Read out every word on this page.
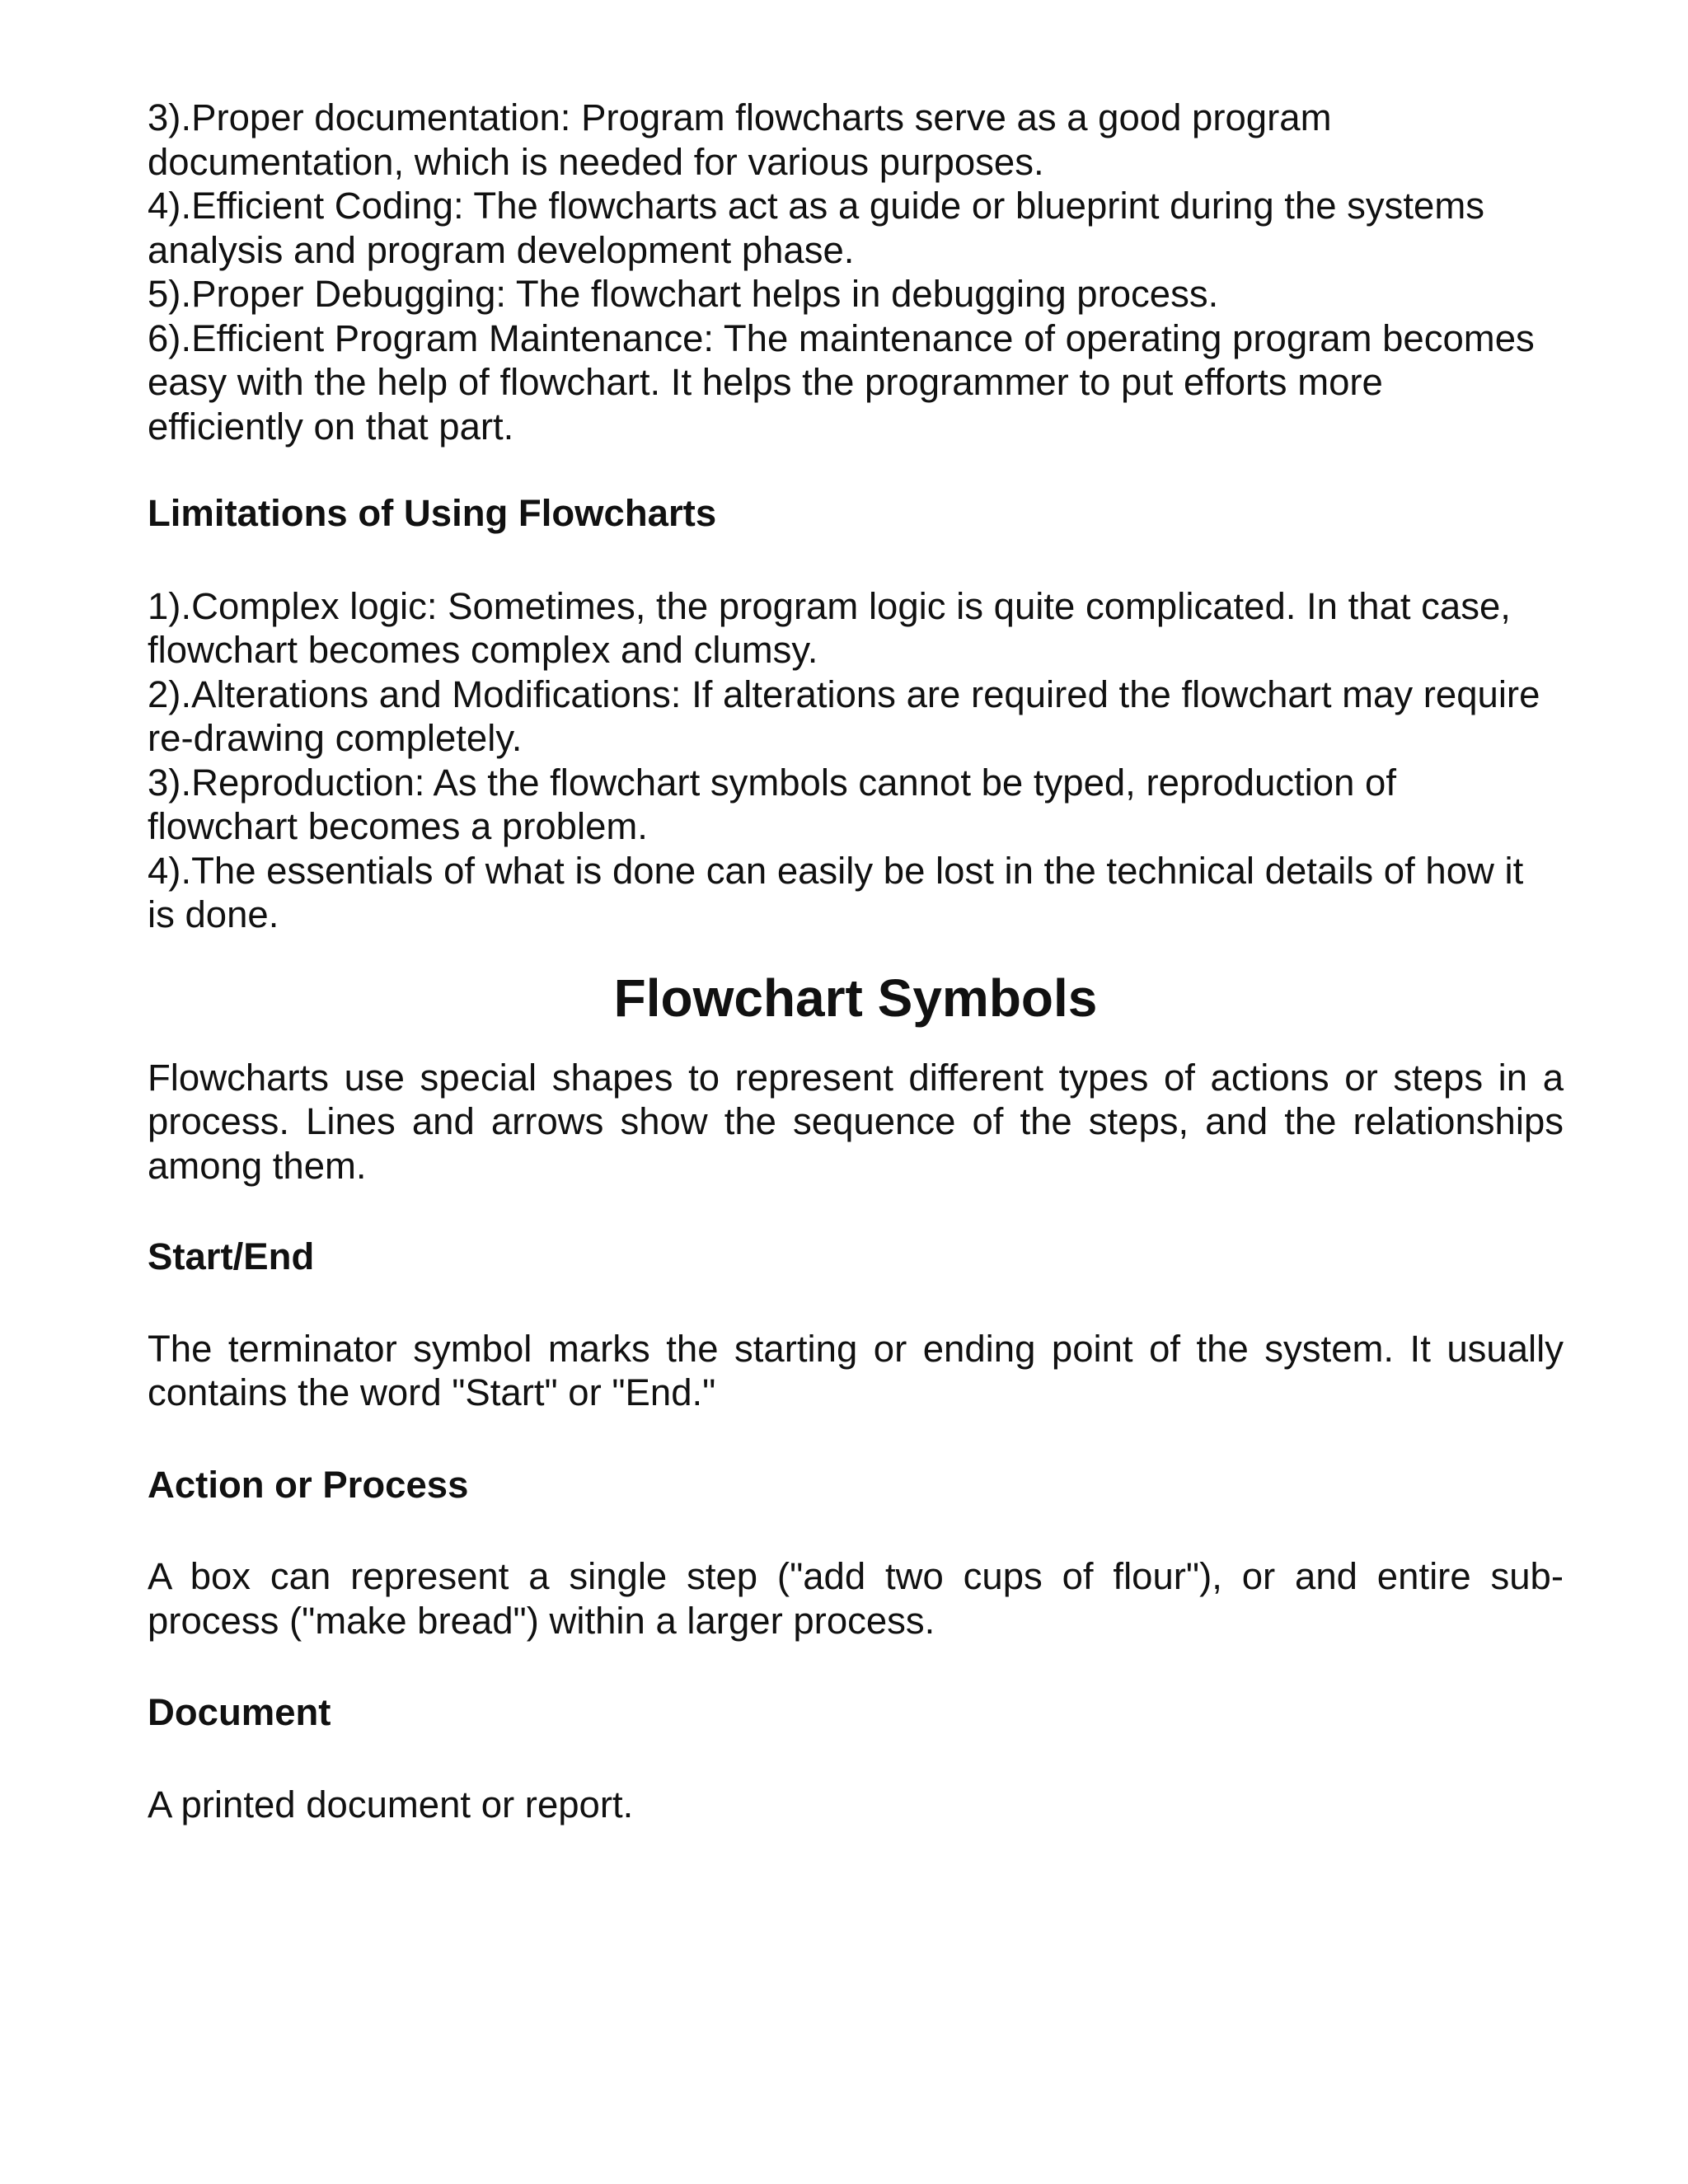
3).Proper documentation: Program flowcharts serve as a good program

documentation, which is needed for various purposes.

4).Efficient Coding: The flowcharts act as a guide or blueprint during the systems

analysis and program development phase.

5).Proper Debugging: The flowchart helps in debugging process.

6).Efficient Program Maintenance: The maintenance of operating program becomes

easy with the help of flowchart. It helps the programmer to put efforts more

efficiently on that part.

Limitations of Using Flowcharts

1).Complex logic: Sometimes, the program logic is quite complicated. In that case,

flowchart becomes complex and clumsy.

2).Alterations and Modifications: If alterations are required the flowchart may require

re-drawing completely.

3).Reproduction: As the flowchart symbols cannot be typed, reproduction of

flowchart becomes a problem.

4).The essentials of what is done can easily be lost in the technical details of how it

is done.

Flowchart Symbols
Flowcharts use special shapes to represent different types of actions or steps in a
process. Lines and arrows show the sequence of the steps, and the relationships
among them.
Start/End
The terminator symbol marks the starting or ending point of the system. It usually
contains the word "Start" or "End."
Action or Process
A box can represent a single step ("add two cups of flour"), or and entire sub-
process ("make bread") within a larger process.
Document
A printed document or report.
